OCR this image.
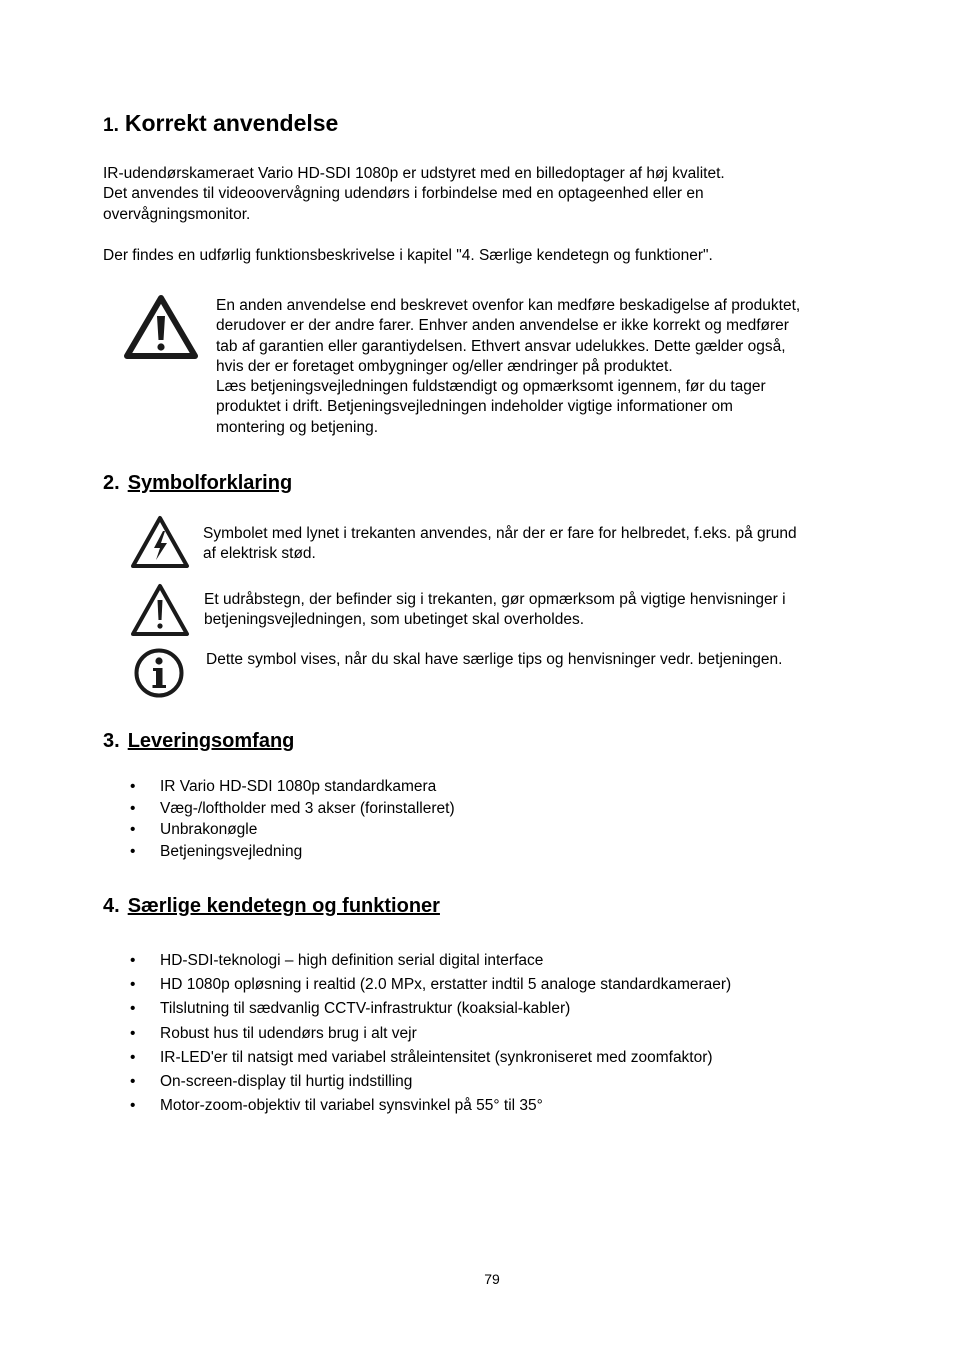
1. Korrekt anvendelse
IR-udendørskameraet Vario HD-SDI 1080p er udstyret med en billedoptager af høj kvalitet.
Det anvendes til videoovervågning udendørs i forbindelse med en optageenhed eller en
overvågningsmonitor.
Der findes en udførlig funktionsbeskrivelse i kapitel "4. Særlige kendetegn og funktioner".
En anden anvendelse end beskrevet ovenfor kan medføre beskadigelse af produktet,
derudover er der andre farer. Enhver anden anvendelse er ikke korrekt og medfører
tab af garantien eller garantiydelsen. Ethvert ansvar udelukkes. Dette gælder også,
hvis der er foretaget ombygninger og/eller ændringer på produktet.
Læs betjeningsvejledningen fuldstændigt og opmærksomt igennem, før du tager
produktet i drift. Betjeningsvejledningen indeholder vigtige informationer om
montering og betjening.
2. Symbolforklaring
Symbolet med lynet i trekanten anvendes, når der er fare for helbredet, f.eks. på grund
af elektrisk stød.
Et udråbstegn, der befinder sig i trekanten, gør opmærksom på vigtige henvisninger i
betjeningsvejledningen, som ubetinget skal overholdes.
Dette symbol vises, når du skal have særlige tips og henvisninger vedr. betjeningen.
3. Leveringsomfang
• IR Vario HD-SDI 1080p standardkamera
• Væg-/loftholder med 3 akser (forinstalleret)
• Unbrakonøgle
• Betjeningsvejledning
4. Særlige kendetegn og funktioner
• HD-SDI-teknologi – high definition serial digital interface
• HD 1080p opløsning i realtid (2.0 MPx, erstatter indtil 5 analoge standardkameraer)
• Tilslutning til sædvanlig CCTV-infrastruktur (koaksial-kabler)
• Robust hus til udendørs brug i alt vejr
• IR-LED'er til natsigt med variabel stråleintensitet (synkroniseret med zoomfaktor)
• On-screen-display til hurtig indstilling
• Motor-zoom-objektiv til variabel synsvinkel på 55° til 35°
79
